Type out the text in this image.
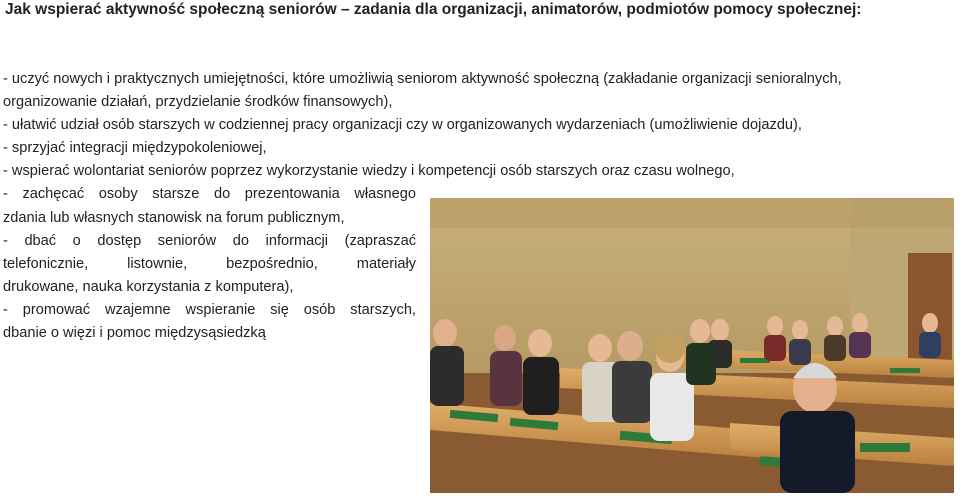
Jak wspierać aktywność społeczną seniorów – zadania dla organizacji, animatorów, podmiotów pomocy społecznej:
- uczyć nowych i praktycznych umiejętności, które umożliwią seniorom aktywność społeczną (zakładanie organizacji senioralnych,
organizowanie działań, przydzielanie środków finansowych),
- ułatwić udział osób starszych w codziennej pracy organizacji czy w organizowanych wydarzeniach (umożliwienie dojazdu),
- sprzyjać integracji międzypokoleniowej,
- wspierać wolontariat seniorów poprzez wykorzystanie wiedzy i kompetencji osób starszych oraz czasu wolnego,
- zachęcać osoby starsze do prezentowania własnego
zdania lub własnych stanowisk na forum publicznym,
- dbać o dostęp seniorów do informacji (zapraszać
telefonicznie, listownie, bezpośrednio, materiały
drukowane, nauka korzystania z komputera),
- promować wzajemne wspieranie się osób starszych,
dbanie o więzi i pomoc międzysąsiedzką
